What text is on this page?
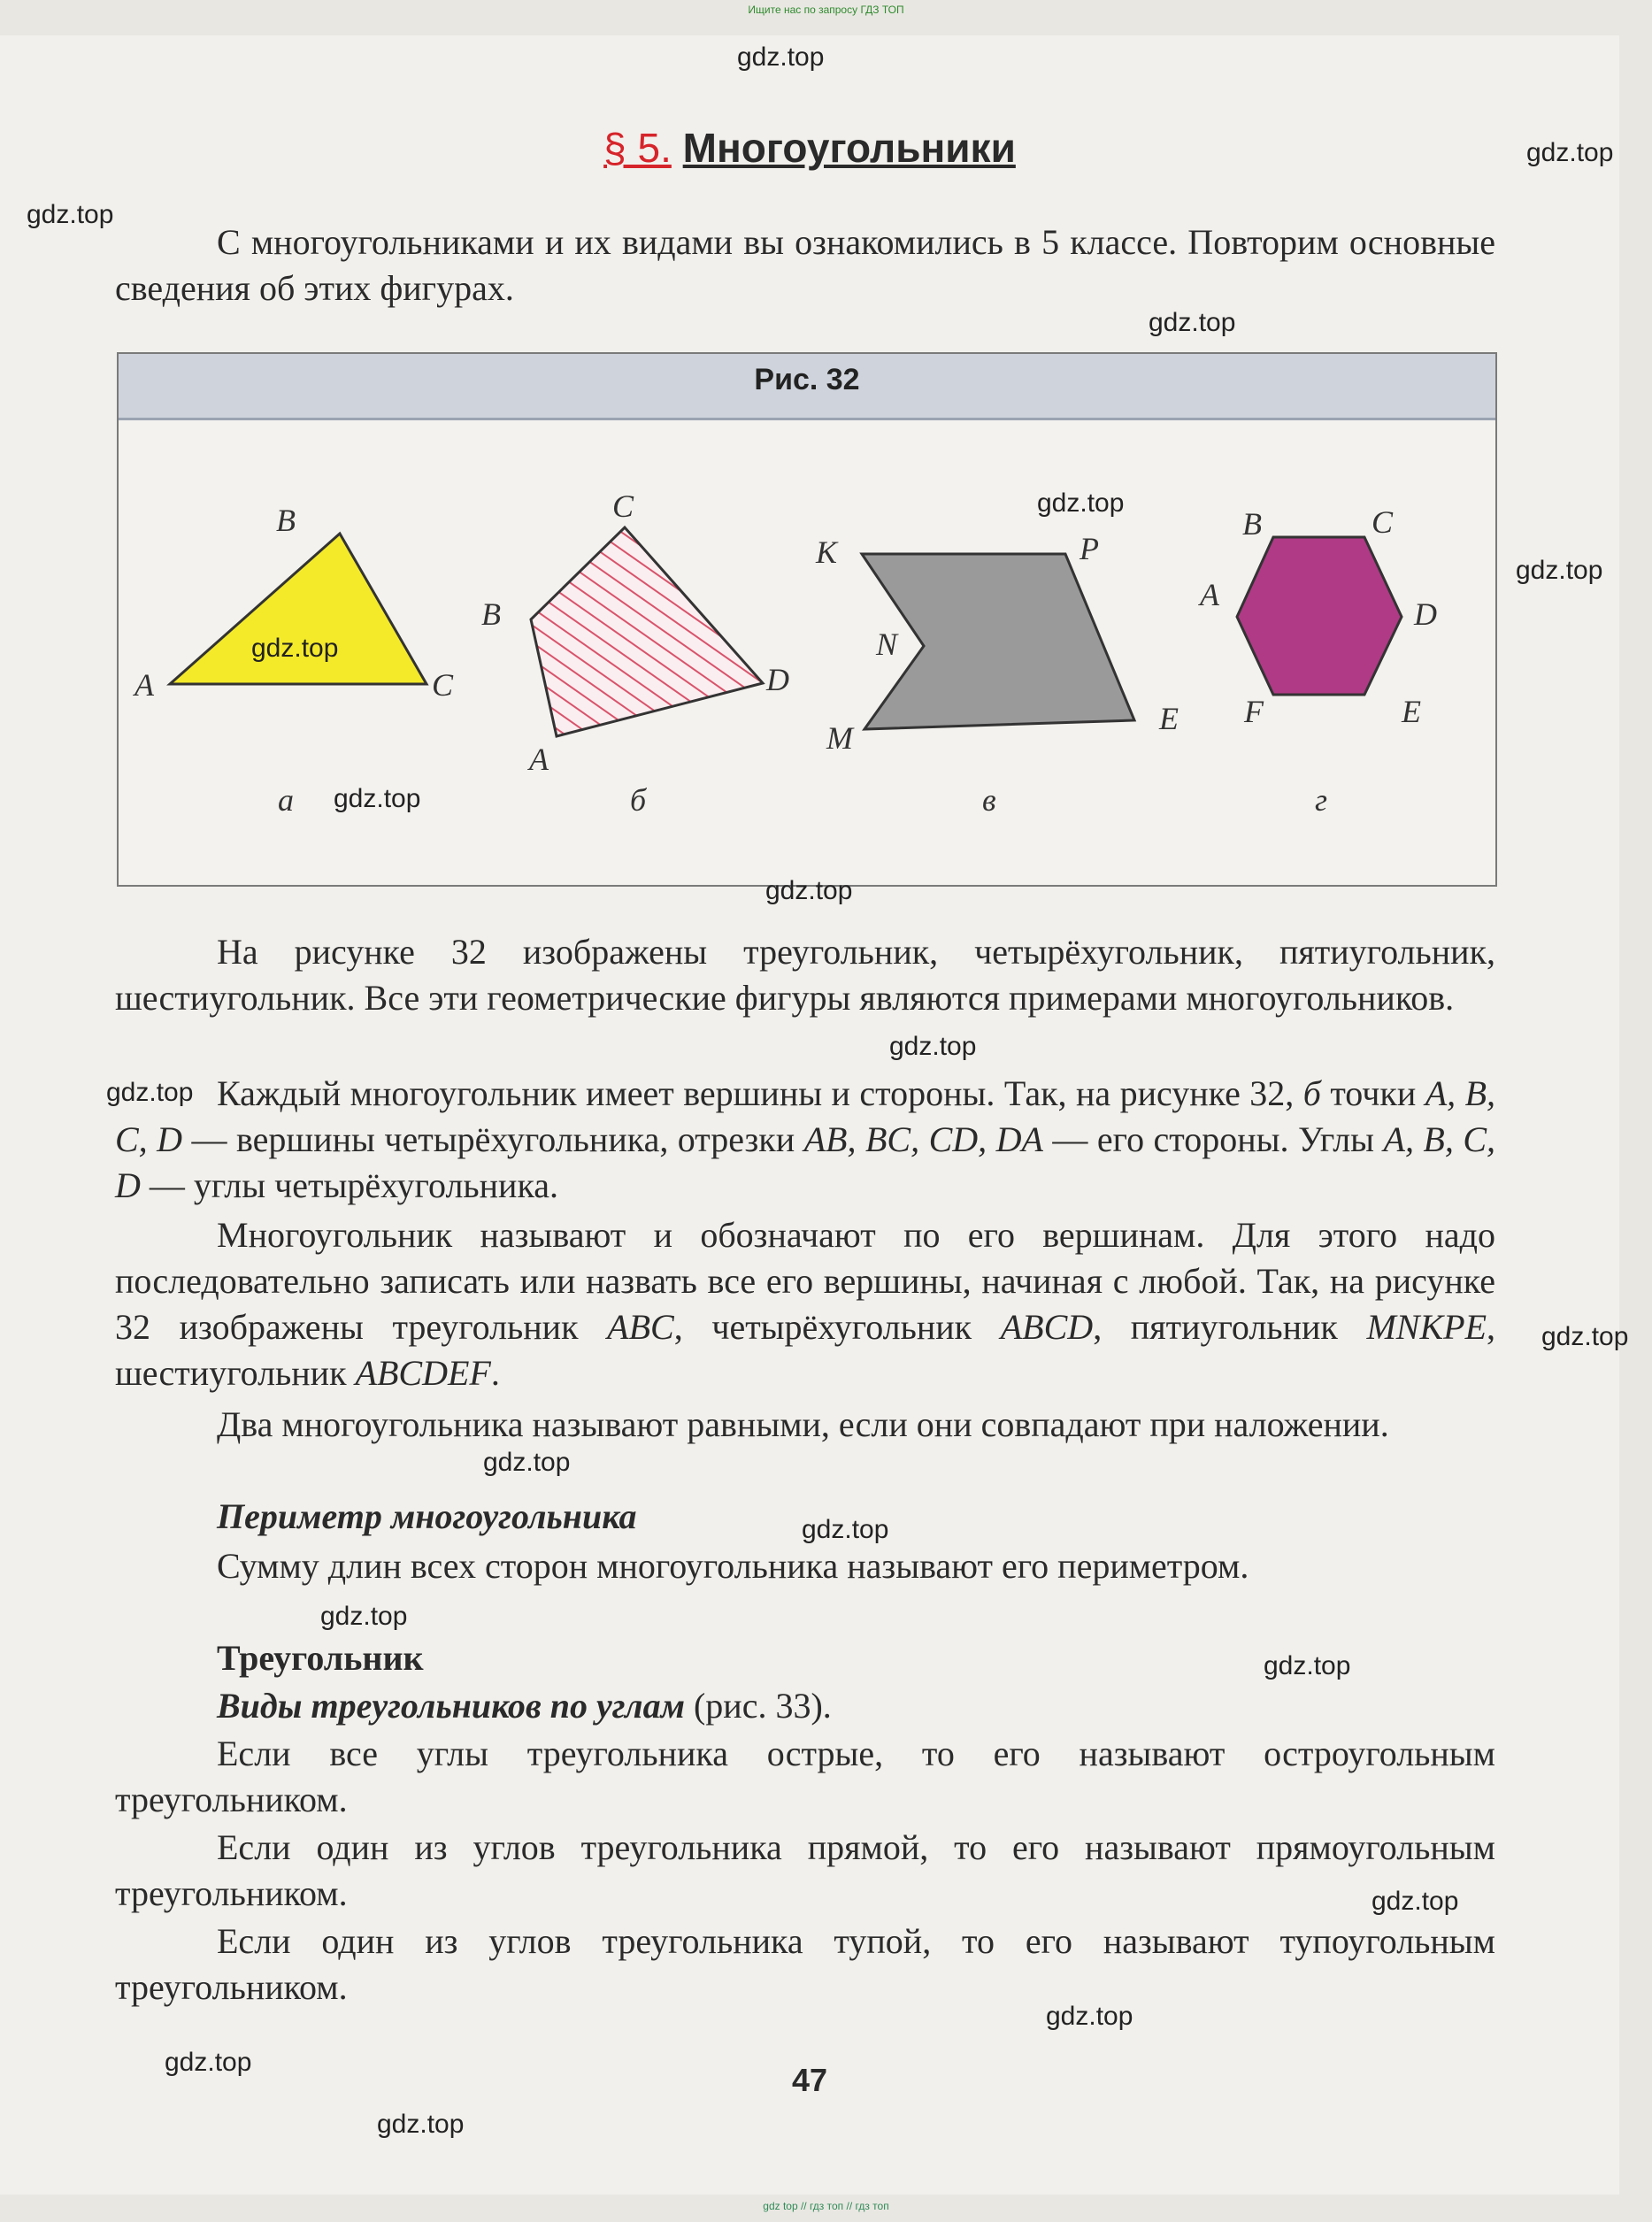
Ищите нас по запросу ГДЗ ТОП
§ 5. Многоугольники
С многоугольниками и их видами вы ознакомились в 5 классе. Повторим основные сведения об этих фигурах.
Рис. 32
A
B
C
A
B
C
D
M
N
K	P
E
A
B	C
D
E
F
а	б	в	г
На рисунке 32 изображены треугольник, четырёхугольник, пятиугольник, шестиугольник. Все эти геометрические фигуры являются примерами многоугольников.
Каждый многоугольник имеет вершины и стороны. Так, на рисунке 32, б точки A, B, C, D — вершины четырёхугольника, отрезки AB, BC, CD, DA — его стороны. Углы A, B, C, D — углы четырёхугольника.
Многоугольник называют и обозначают по его вершинам. Для этого надо последовательно записать или назвать все его вершины, начиная с любой. Так, на рисунке 32 изображены треугольник ABC, четырёхугольник ABCD, пятиугольник MNKPE, шестиугольник ABCDEF.
Два многоугольника называют равными, если они совпадают при наложении.
Периметр многоугольника
Сумму длин всех сторон многоугольника называют его периметром.
Треугольник
Виды треугольников по углам (рис. 33).
Если все углы треугольника острые, то его называют остроугольным треугольником.
Если один из углов треугольника прямой, то его называют прямоугольным треугольником.
Если один из углов треугольника тупой, то его называют тупоугольным треугольником.
47
gdz.top
gdz.top
gdz.top
gdz.top
gdz.top
gdz.top
gdz.top
gdz.top
gdz.top
gdz.top
gdz.top
gdz.top
gdz.top
gdz.top
gdz.top
gdz.top
gdz.top
gdz.top
gdz.top
gdz.top
gdz top // гдз топ // гдз топ
